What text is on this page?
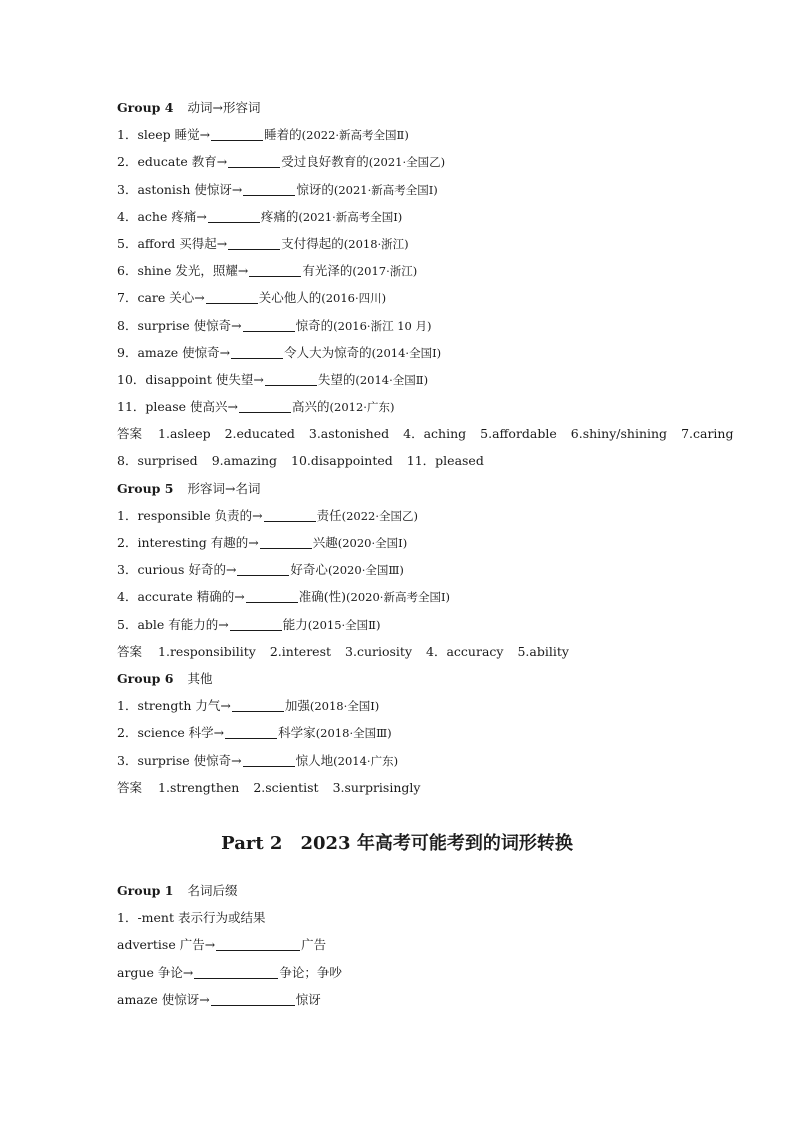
Group 4 动词→形容词
1．sleep 睡觉→	睡着的(2022·新高考全国Ⅱ)
2．educate 教育→	受过良好教育的(2021·全国乙)
3．astonish 使惊讶→	惊讶的(2021·新高考全国Ⅰ)
4．ache 疼痛→	疼痛的(2021·新高考全国Ⅰ)
5．afford 买得起→	支付得起的(2018·浙江)
6．shine 发光，照耀→	有光泽的(2017·浙江)
7．care 关心→	关心他人的(2016·四川)
8．surprise 使惊奇→	惊奇的(2016·浙江 10 月)
9．amaze 使惊奇→	令人大为惊奇的(2014·全国Ⅰ)
10．disappoint 使失望→	失望的(2014·全国Ⅱ)
11．please 使高兴→	高兴的(2012·广东)
答案 1.asleep 2.educated 3.astonished 4．aching 5.affordable 6.shiny/shining 7.caring
8．surprised 9.amazing 10.disappointed 11．pleased
Group 5 形容词→名词
1．responsible 负责的→	责任(2022·全国乙)
2．interesting 有趣的→	兴趣(2020·全国Ⅰ)
3．curious 好奇的→	好奇心(2020·全国Ⅲ)
4．accurate 精确的→	准确(性)(2020·新高考全国Ⅰ)
5．able 有能力的→	能力(2015·全国Ⅱ)
答案 1.responsibility 2.interest 3.curiosity 4．accuracy 5.ability
Group 6 其他
1．strength 力气→	加强(2018·全国Ⅰ)
2．science 科学→	科学家(2018·全国Ⅲ)
3．surprise 使惊奇→	惊人地(2014·广东)
答案 1.strengthen 2.scientist 3.surprisingly
Part 2　2023 年高考可能考到的词形转换
Group 1 名词后缀
1．-ment 表示行为或结果
advertise 广告→	广告
argue 争论→	争论；争吵
amaze 使惊讶→	惊讶
